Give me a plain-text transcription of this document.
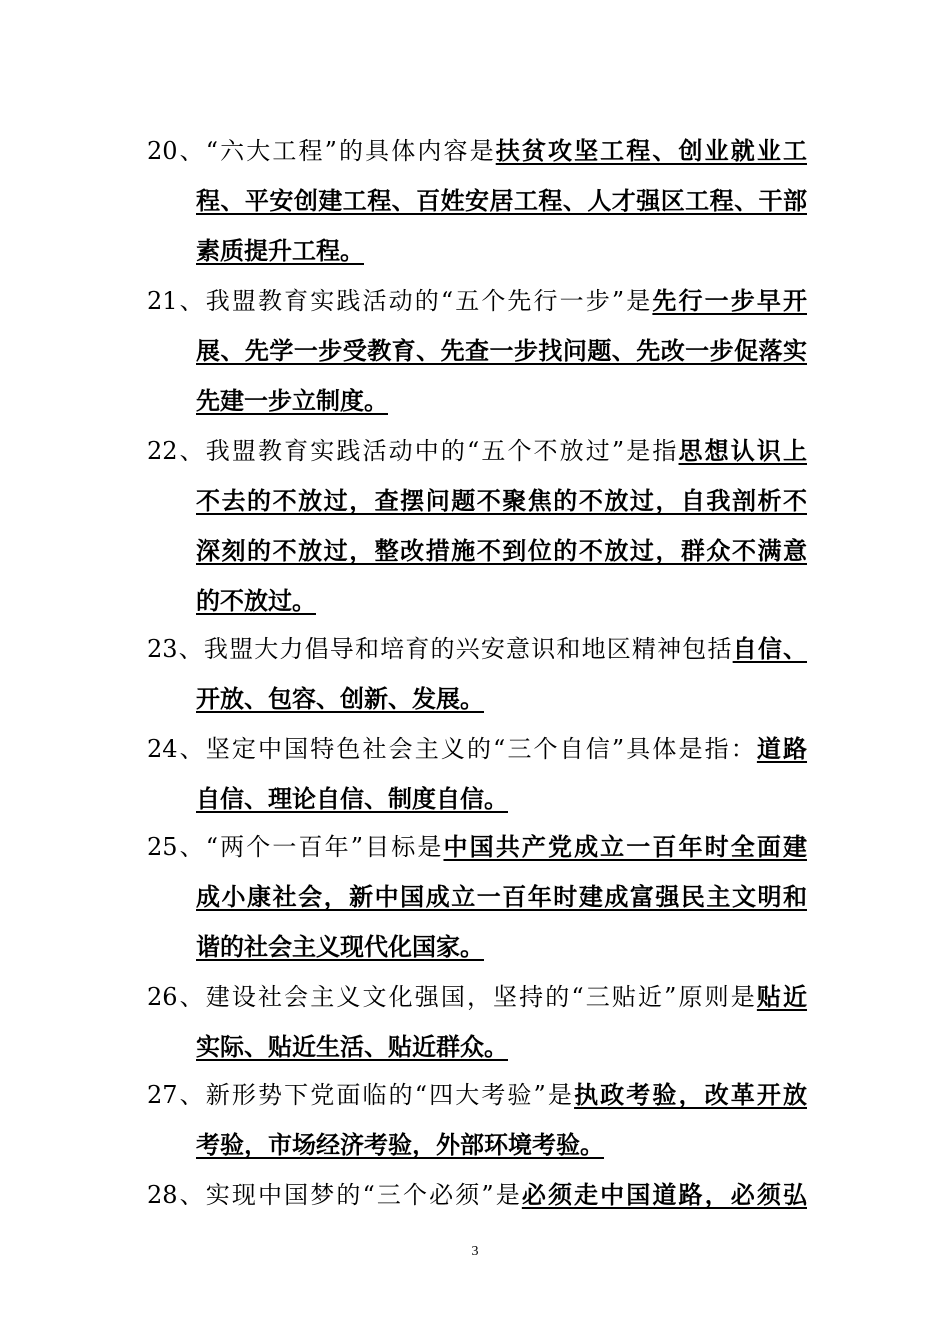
20、“六大工程”的具体内容是扶贫攻坚工程、创业就业工
程、平安创建工程、百姓安居工程、人才强区工程、干部
素质提升工程。
21、我盟教育实践活动的“五个先行一步”是先行一步早开
展、先学一步受教育、先查一步找问题、先改一步促落实
先建一步立制度。
22、我盟教育实践活动中的“五个不放过”是指思想认识上
不去的不放过，查摆问题不聚焦的不放过，自我剖析不
深刻的不放过，整改措施不到位的不放过，群众不满意
的不放过。
23、我盟大力倡导和培育的兴安意识和地区精神包括自信、
开放、包容、创新、发展。
24、坚定中国特色社会主义的“三个自信”具体是指：道路
自信、理论自信、制度自信。
25、“两个一百年”目标是中国共产党成立一百年时全面建
成小康社会，新中国成立一百年时建成富强民主文明和
谐的社会主义现代化国家。
26、建设社会主义文化强国，坚持的“三贴近”原则是贴近
实际、贴近生活、贴近群众。
27、新形势下党面临的“四大考验”是执政考验，改革开放
考验，市场经济考验，外部环境考验。
28、实现中国梦的“三个必须”是必须走中国道路，必须弘
3
